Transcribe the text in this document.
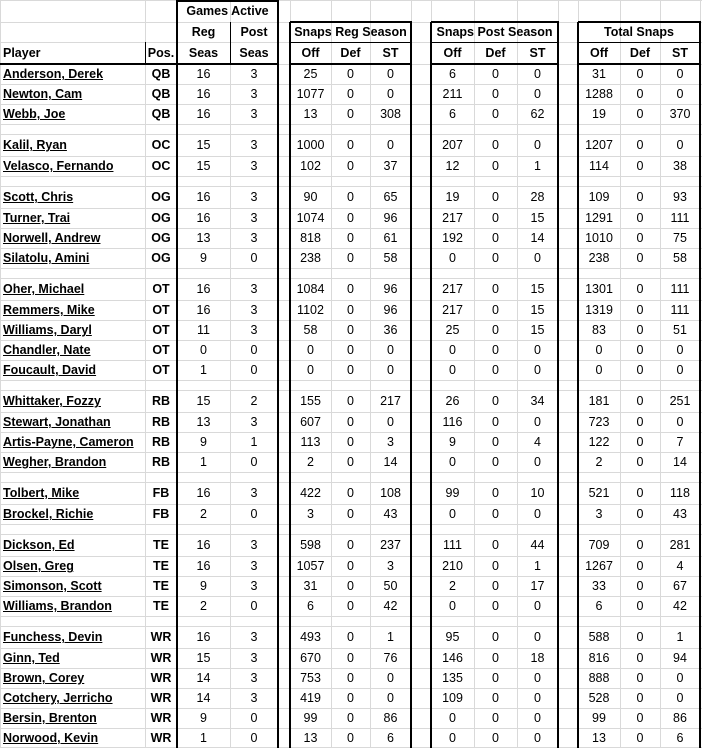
Games Active
Reg	Post	Snaps Reg Season	Snaps Post Season	Total Snaps
Player	Pos.	Seas	Seas	Off	Def	ST	Off	Def	ST	Off	Def	ST
Anderson, Derek	QB	16	3	25	0	0	6	0	0	31	0	0
Newton, Cam	QB	16	3	1077	0	0	211	0	0	1288	0	0
Webb, Joe	QB	16	3	13	0	308	6	0	62	19	0	370
Kalil, Ryan	OC	15	3	1000	0	0	207	0	0	1207	0	0
Velasco, Fernando	OC	15	3	102	0	37	12	0	1	114	0	38
Scott, Chris	OG	16	3	90	0	65	19	0	28	109	0	93
Turner, Trai	OG	16	3	1074	0	96	217	0	15	1291	0	111
Norwell, Andrew	OG	13	3	818	0	61	192	0	14	1010	0	75
Silatolu, Amini	OG	9	0	238	0	58	0	0	0	238	0	58
Oher, Michael	OT	16	3	1084	0	96	217	0	15	1301	0	111
Remmers, Mike	OT	16	3	1102	0	96	217	0	15	1319	0	111
Williams, Daryl	OT	11	3	58	0	36	25	0	15	83	0	51
Chandler, Nate	OT	0	0	0	0	0	0	0	0	0	0	0
Foucault, David	OT	1	0	0	0	0	0	0	0	0	0	0
Whittaker, Fozzy	RB	15	2	155	0	217	26	0	34	181	0	251
Stewart, Jonathan	RB	13	3	607	0	0	116	0	0	723	0	0
Artis-Payne, Cameron	RB	9	1	113	0	3	9	0	4	122	0	7
Wegher, Brandon	RB	1	0	2	0	14	0	0	0	2	0	14
Tolbert, Mike	FB	16	3	422	0	108	99	0	10	521	0	118
Brockel, Richie	FB	2	0	3	0	43	0	0	0	3	0	43
Dickson, Ed	TE	16	3	598	0	237	111	0	44	709	0	281
Olsen, Greg	TE	16	3	1057	0	3	210	0	1	1267	0	4
Simonson, Scott	TE	9	3	31	0	50	2	0	17	33	0	67
Williams, Brandon	TE	2	0	6	0	42	0	0	0	6	0	42
Funchess, Devin	WR	16	3	493	0	1	95	0	0	588	0	1
Ginn, Ted	WR	15	3	670	0	76	146	0	18	816	0	94
Brown, Corey	WR	14	3	753	0	0	135	0	0	888	0	0
Cotchery, Jerricho	WR	14	3	419	0	0	109	0	0	528	0	0
Bersin, Brenton	WR	9	0	99	0	86	0	0	0	99	0	86
Norwood, Kevin	WR	1	0	13	0	6	0	0	0	13	0	6
